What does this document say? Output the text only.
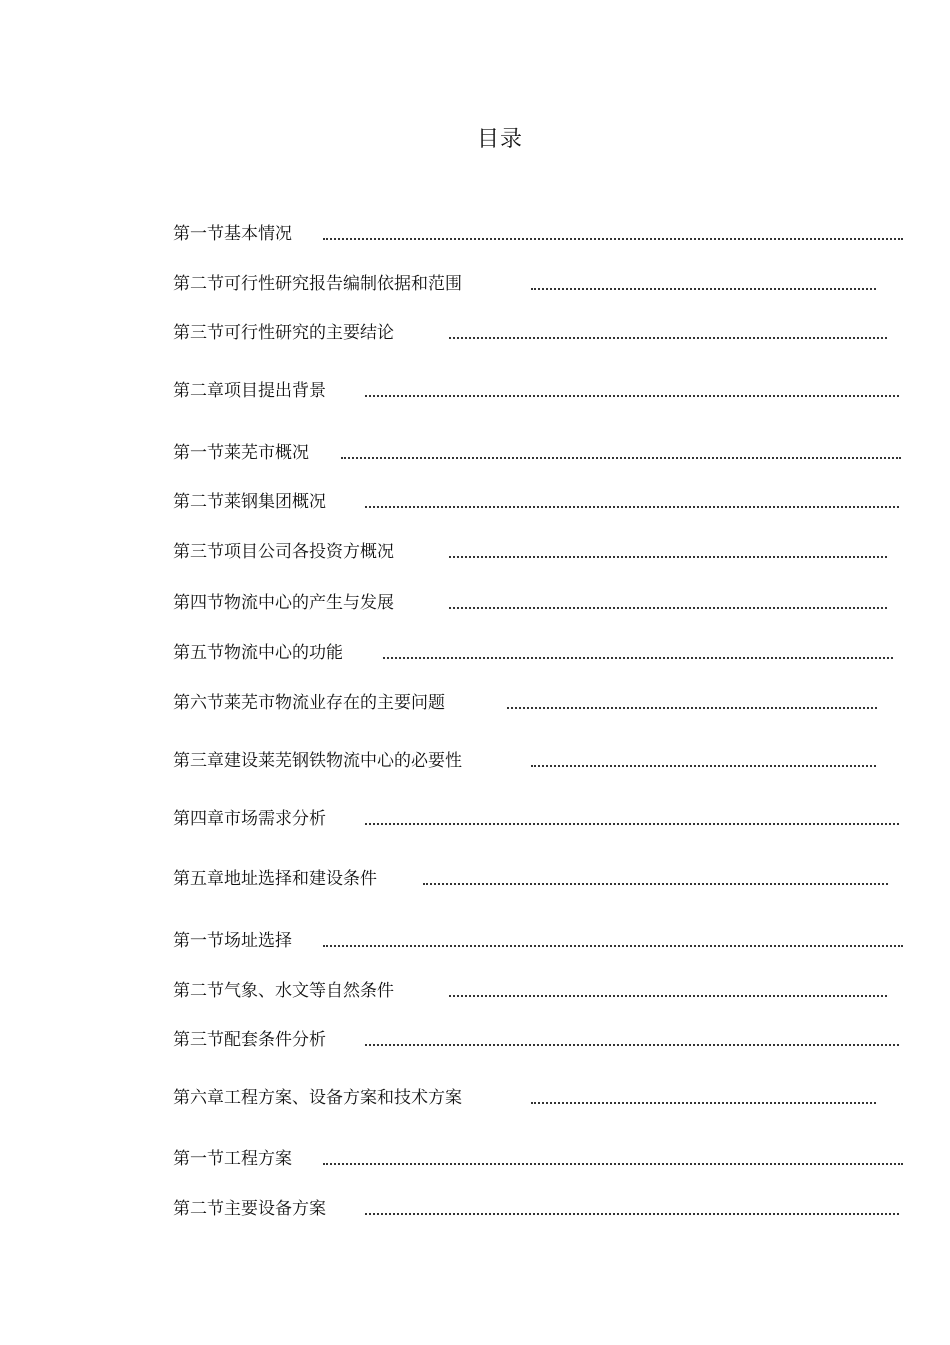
目录
第一节基本情况
第二节可行性研究报告编制依据和范围
第三节可行性研究的主要结论
第二章项目提出背景
第一节莱芜市概况
第二节莱钢集团概况
第三节项目公司各投资方概况
第四节物流中心的产生与发展
第五节物流中心的功能
第六节莱芜市物流业存在的主要问题
第三章建设莱芜钢铁物流中心的必要性
第四章市场需求分析
第五章地址选择和建设条件
第一节场址选择
第二节气象、水文等自然条件
第三节配套条件分析
第六章工程方案、设备方案和技术方案
第一节工程方案
第二节主要设备方案
